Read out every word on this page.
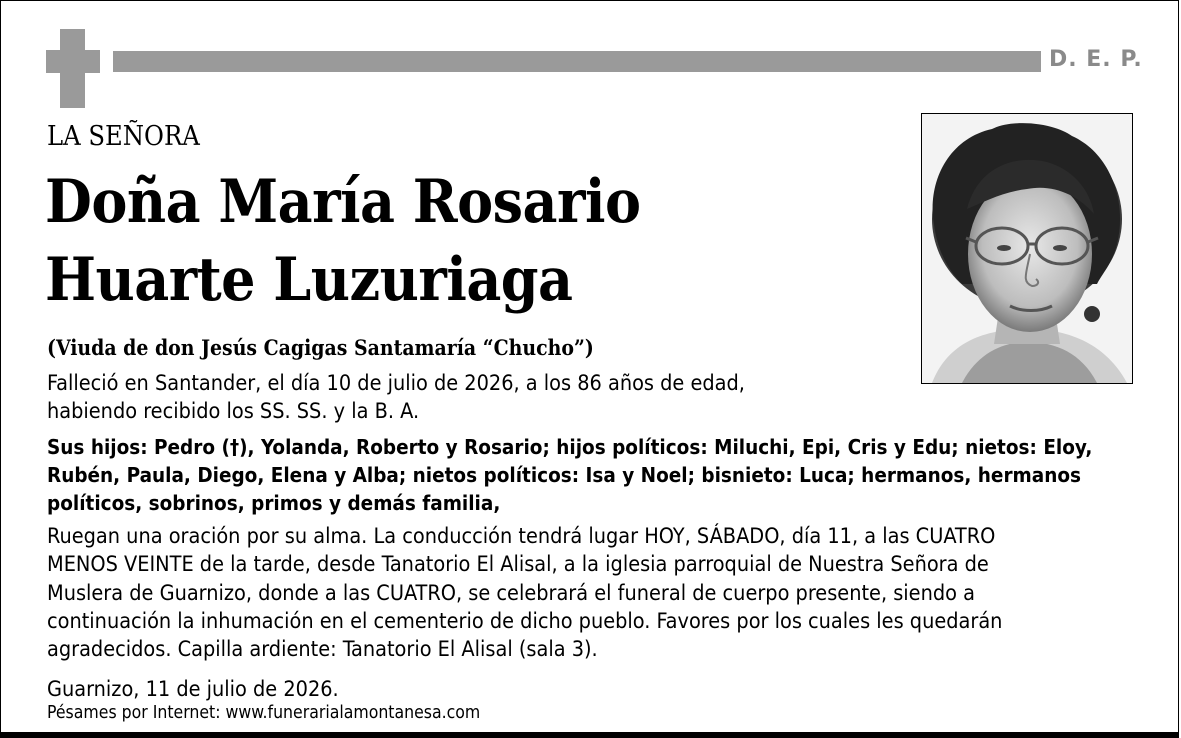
D. E. P.
LA SEÑORA
Doña María Rosario
Huarte Luzuriaga
(Viuda de don Jesús Cagigas Santamaría “Chucho”)
Falleció en Santander, el día 10 de julio de 2026, a los 86 años de edad,
habiendo recibido los SS. SS. y la B. A.
Sus hijos: Pedro (†), Yolanda, Roberto y Rosario; hijos políticos: Miluchi, Epi, Cris y Edu; nietos: Eloy,
Rubén, Paula, Diego, Elena y Alba; nietos políticos: Isa y Noel; bisnieto: Luca; hermanos, hermanos
políticos, sobrinos, primos y demás familia,
Ruegan una oración por su alma. La conducción tendrá lugar HOY, SÁBADO, día 11, a las CUATRO
MENOS VEINTE de la tarde, desde Tanatorio El Alisal, a la iglesia parroquial de Nuestra Señora de
Muslera de Guarnizo, donde a las CUATRO, se celebrará el funeral de cuerpo presente, siendo a
continuación la inhumación en el cementerio de dicho pueblo. Favores por los cuales les quedarán
agradecidos. Capilla ardiente: Tanatorio El Alisal (sala 3).
Guarnizo, 11 de julio de 2026.
Pésames por Internet: www.funerarialamontanesa.com
